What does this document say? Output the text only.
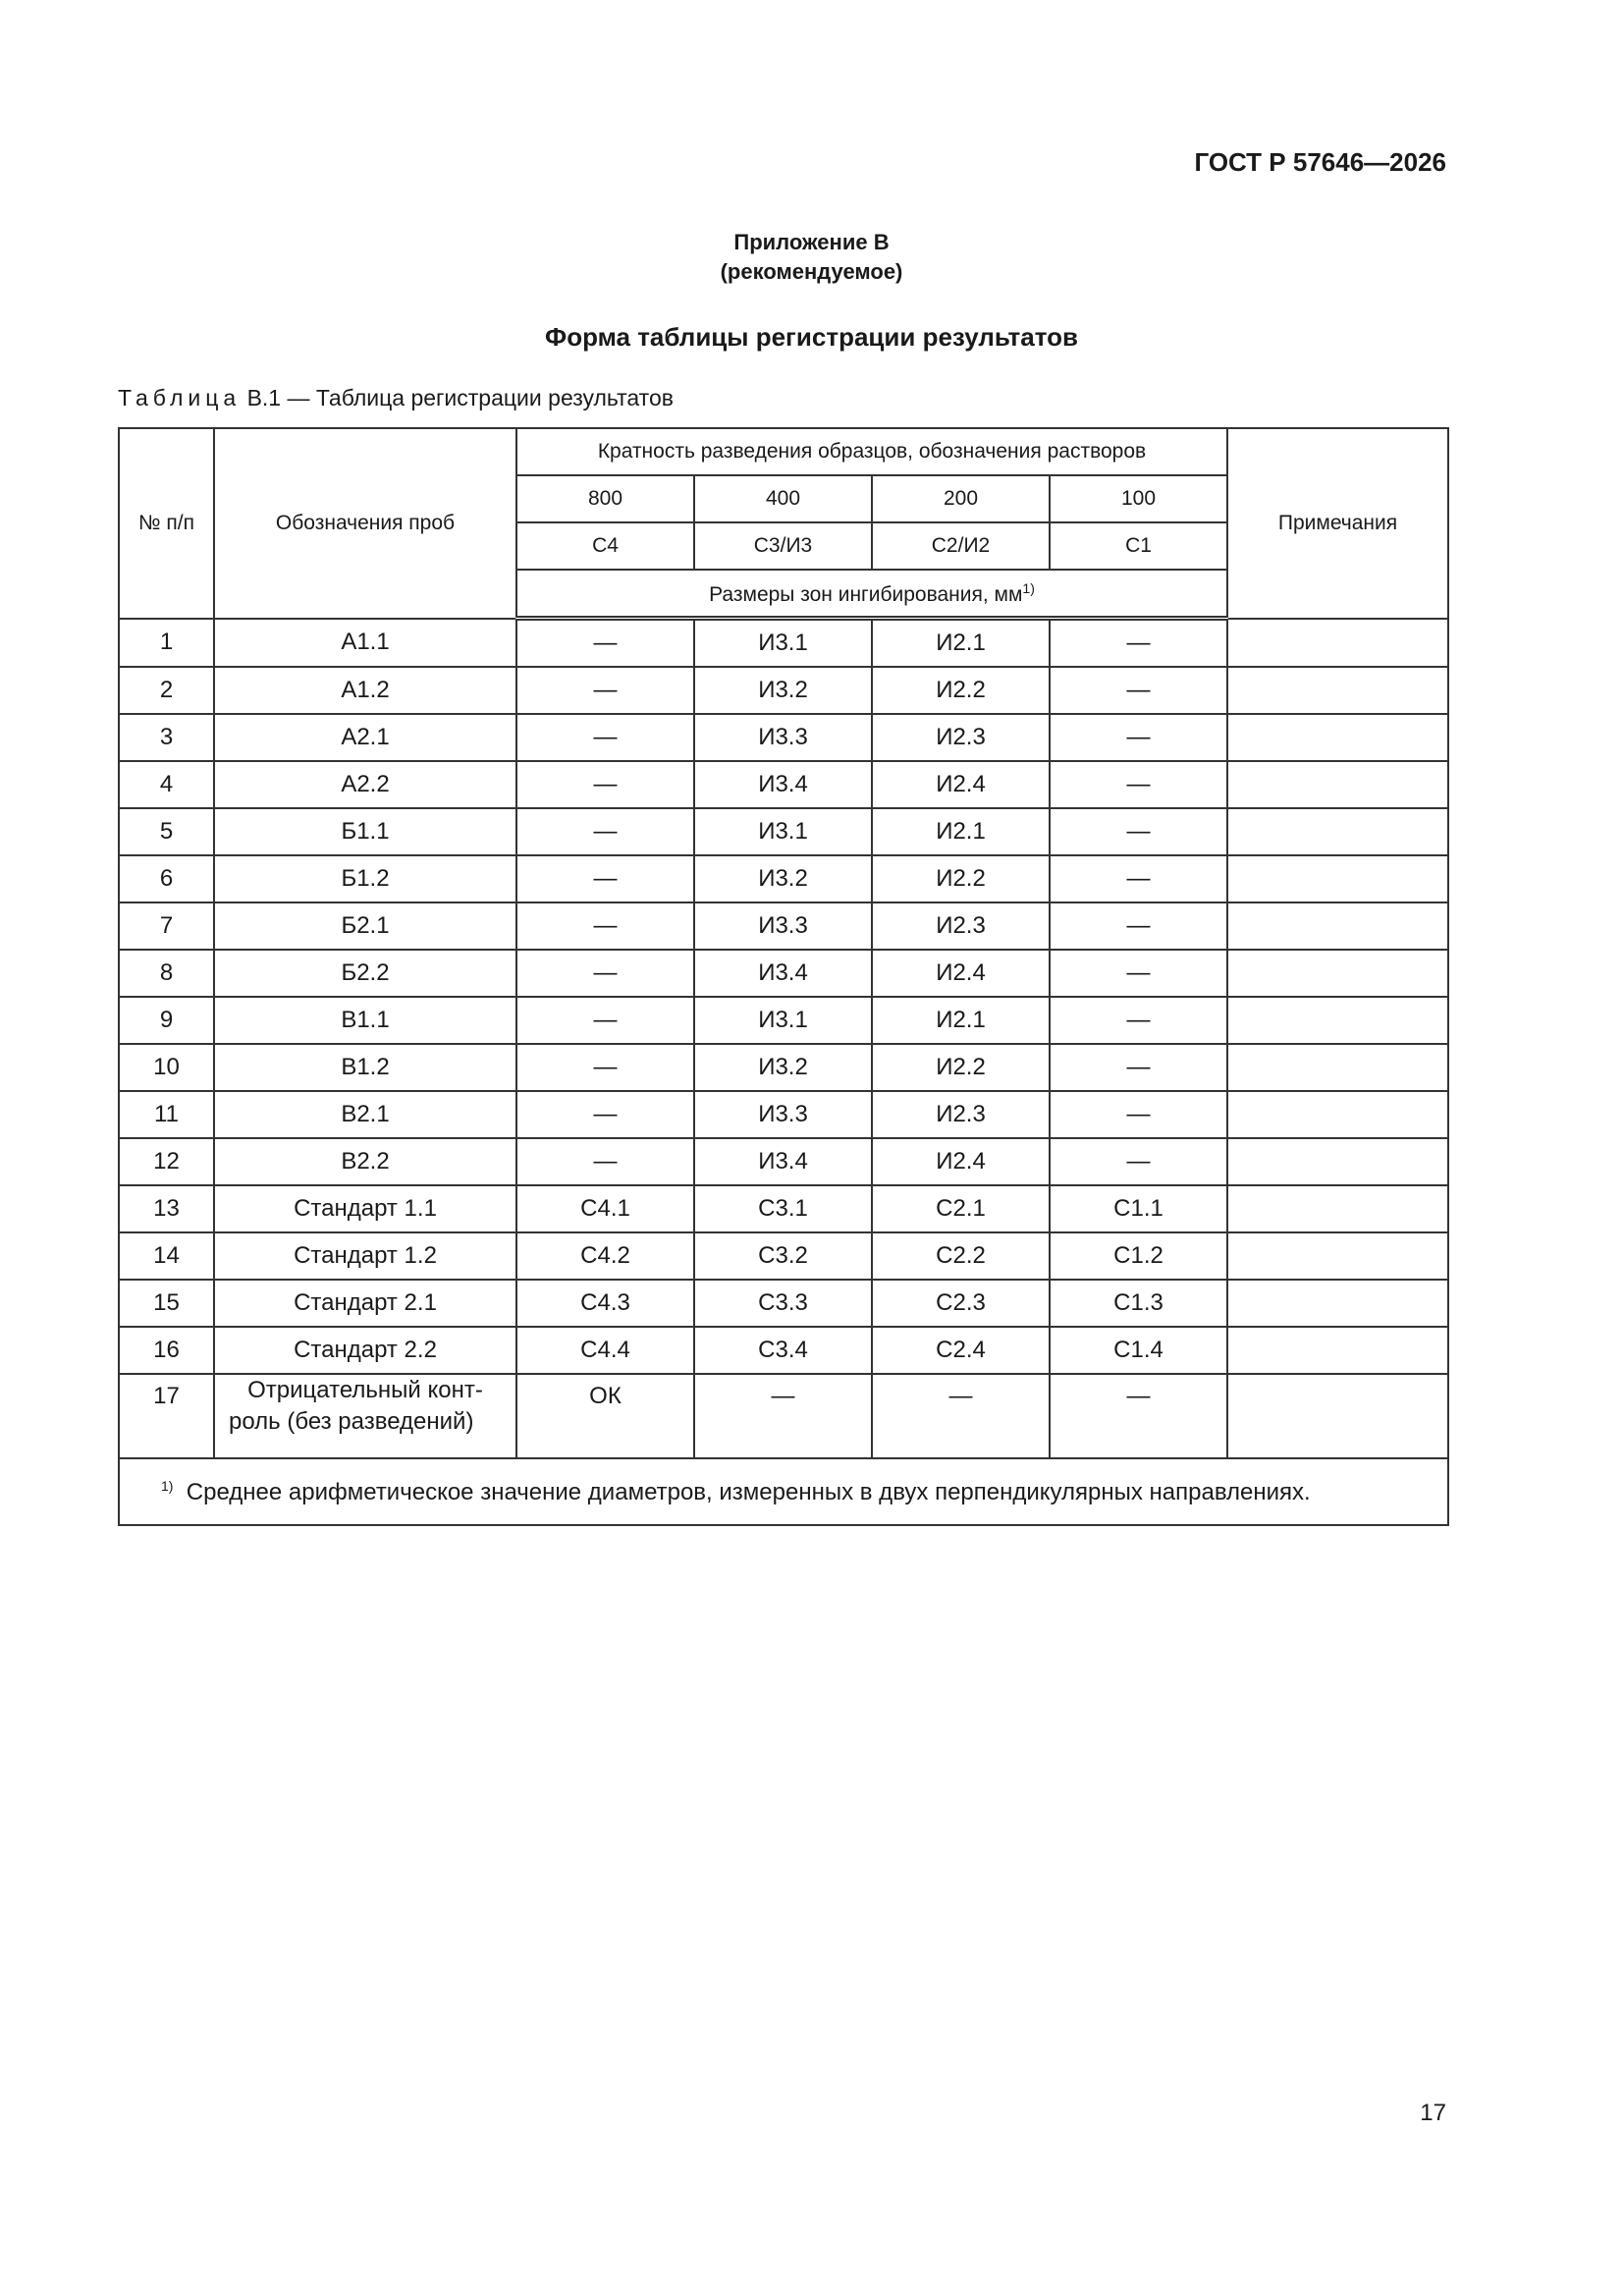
ГОСТ Р 57646—2026
Приложение В
(рекомендуемое)
Форма таблицы регистрации результатов
Таблица В.1 — Таблица регистрации результатов
№ п/п	Обозначения проб	Кратность разведения образцов, обозначения растворов				Примечания
		800	400	200	100	
		С4	С3/И3	С2/И2	С1	
		Размеры зон ингибирования, $мм^{1)}$
1	А1.1	—	И3.1	И2.1	—	
2	А1.2	—	И3.2	И2.2	—	
3	А2.1	—	И3.3	И2.3	—	
4	А2.2	—	И3.4	И2.4	—	
5	Б1.1	—	И3.1	И2.1	—	
6	Б1.2	—	И3.2	И2.2	—	
7	Б2.1	—	И3.3	И2.3	—	
8	Б2.2	—	И3.4	И2.4	—	
9	В1.1	—	И3.1	И2.1	—	
10	В1.2	—	И3.2	И2.2	—	
11	В2.1	—	И3.3	И2.3	—	
12	В2.2	—	И3.4	И2.4	—	
13	Стандарт 1.1	С4.1	С3.1	С2.1	С1.1	
14	Стандарт 1.2	С4.2	С3.2	С2.2	С1.2	
15	Стандарт 2.1	С4.3	С3.3	С2.3	С1.3	
16	Стандарт 2.2	С4.4	С3.4	С2.4	С1.4	
17	Отрицательный конт-роль (без разведений)	ОК	—	—	—	
$^{1)}$ Среднее арифметическое значение диаметров, измеренных в двух перпендикулярных направлениях.						
17
